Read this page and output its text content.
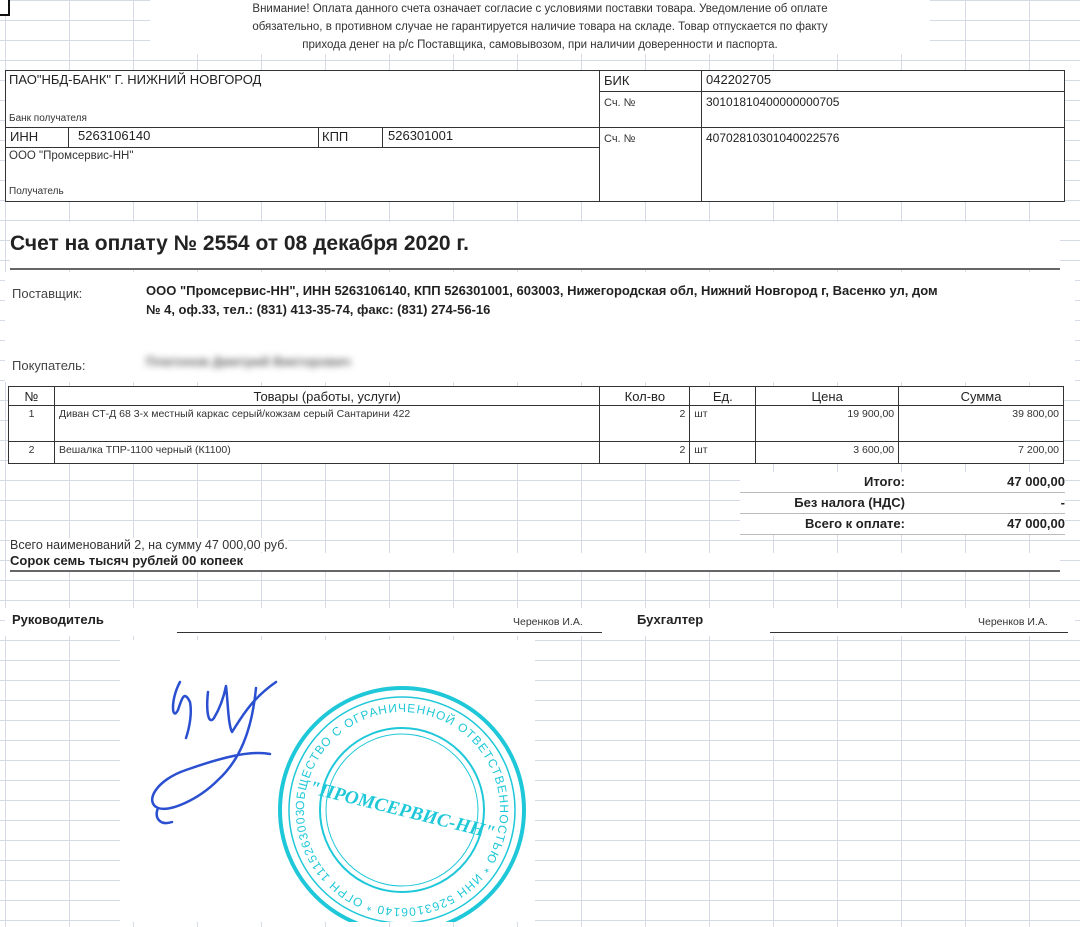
Внимание! Оплата данного счета означает согласие с условиями поставки товара. Уведомление об оплате
обязательно, в противном случае не гарантируется наличие товара на складе. Товар отпускается по факту
прихода денег на р/с Поставщика, самовывозом, при наличии доверенности и паспорта.
ПАО"НБД-БАНК" Г. НИЖНИЙ НОВГОРОД
Банк получателя
ИНН	5263106140	КПП	526301001
ООО "Промсервис-НН"
Получатель
БИК	042202705
Сч. №	30101810400000000705
Сч. №	40702810301040022576
Счет на оплату № 2554 от 08 декабря 2020 г.
Поставщик:	ООО "Промсервис-НН", ИНН 5263106140, КПП 526301001, 603003, Нижегородская обл, Нижний Новгород г, Васенко ул, дом
№ 4, оф.33, тел.: (831) 413-35-74, факс: (831) 274-56-16
Покупатель:	Платонов Дмитрий Викторович
№	Товары (работы, услуги)	Кол-во	Ед.	Цена	Сумма
1	Диван СТ-Д 68 3-х местный каркас серый/кожзам серый Сантарини 422	2	шт	19 900,00	39 800,00
2	Вешалка ТПР-1100 черный (К1100)	2	шт	3 600,00	7 200,00
Итого:	47 000,00
Без налога (НДС)	-
Всего к оплате:	47 000,00
Всего наименований 2, на сумму 47 000,00 руб.
Сорок семь тысяч рублей 00 копеек
Руководитель	Черенков И.А.	Бухгалтер	Черенков И.А.
ОБЩЕСТВО С ОГРАНИЧЕННОЙ ОТВЕТСТВЕННОСТЬЮ * ИНН 5263106140 * ОГРН 1115263003 "ПРОМСЕРВИС-НН"
